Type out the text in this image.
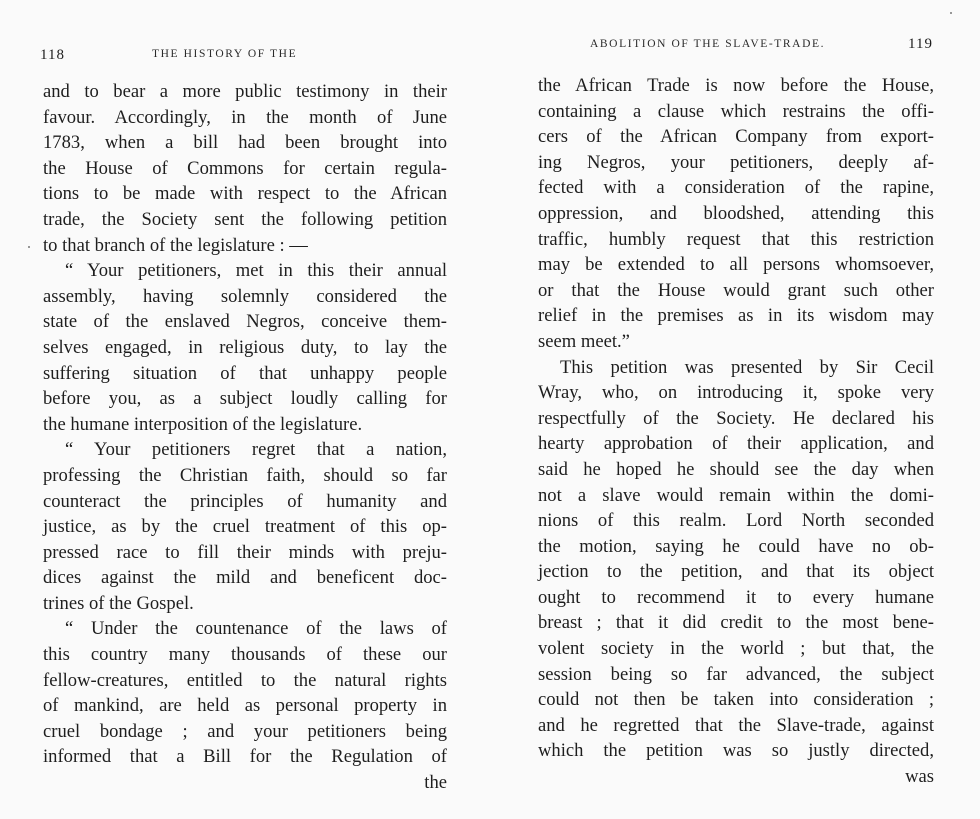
118	THE HISTORY OF THE
and to bear a more public testimony in their
favour. Accordingly, in the month of June
1783, when a bill had been brought into
the House of Commons for certain regula-
tions to be made with respect to the African
trade, the Society sent the following petition
to that branch of the legislature : —
“ Your petitioners, met in this their annual
assembly, having solemnly considered the
state of the enslaved Negros, conceive them-
selves engaged, in religious duty, to lay the
suffering situation of that unhappy people
before you, as a subject loudly calling for
the humane interposition of the legislature.
“ Your petitioners regret that a nation,
professing the Christian faith, should so far
counteract the principles of humanity and
justice, as by the cruel treatment of this op-
pressed race to fill their minds with preju-
dices against the mild and beneficent doc-
trines of the Gospel.
“ Under the countenance of the laws of
this country many thousands of these our
fellow-creatures, entitled to the natural rights
of mankind, are held as personal property in
cruel bondage ; and your petitioners being
informed that a Bill for the Regulation of
the
ABOLITION OF THE SLAVE-TRADE.	119
the African Trade is now before the House,
containing a clause which restrains the offi-
cers of the African Company from export-
ing Negros, your petitioners, deeply af-
fected with a consideration of the rapine,
oppression, and bloodshed, attending this
traffic, humbly request that this restriction
may be extended to all persons whomsoever,
or that the House would grant such other
relief in the premises as in its wisdom may
seem meet.”
This petition was presented by Sir Cecil
Wray, who, on introducing it, spoke very
respectfully of the Society. He declared his
hearty approbation of their application, and
said he hoped he should see the day when
not a slave would remain within the domi-
nions of this realm. Lord North seconded
the motion, saying he could have no ob-
jection to the petition, and that its object
ought to recommend it to every humane
breast ; that it did credit to the most bene-
volent society in the world ; but that, the
session being so far advanced, the subject
could not then be taken into consideration ;
and he regretted that the Slave-trade, against
which the petition was so justly directed,
was
